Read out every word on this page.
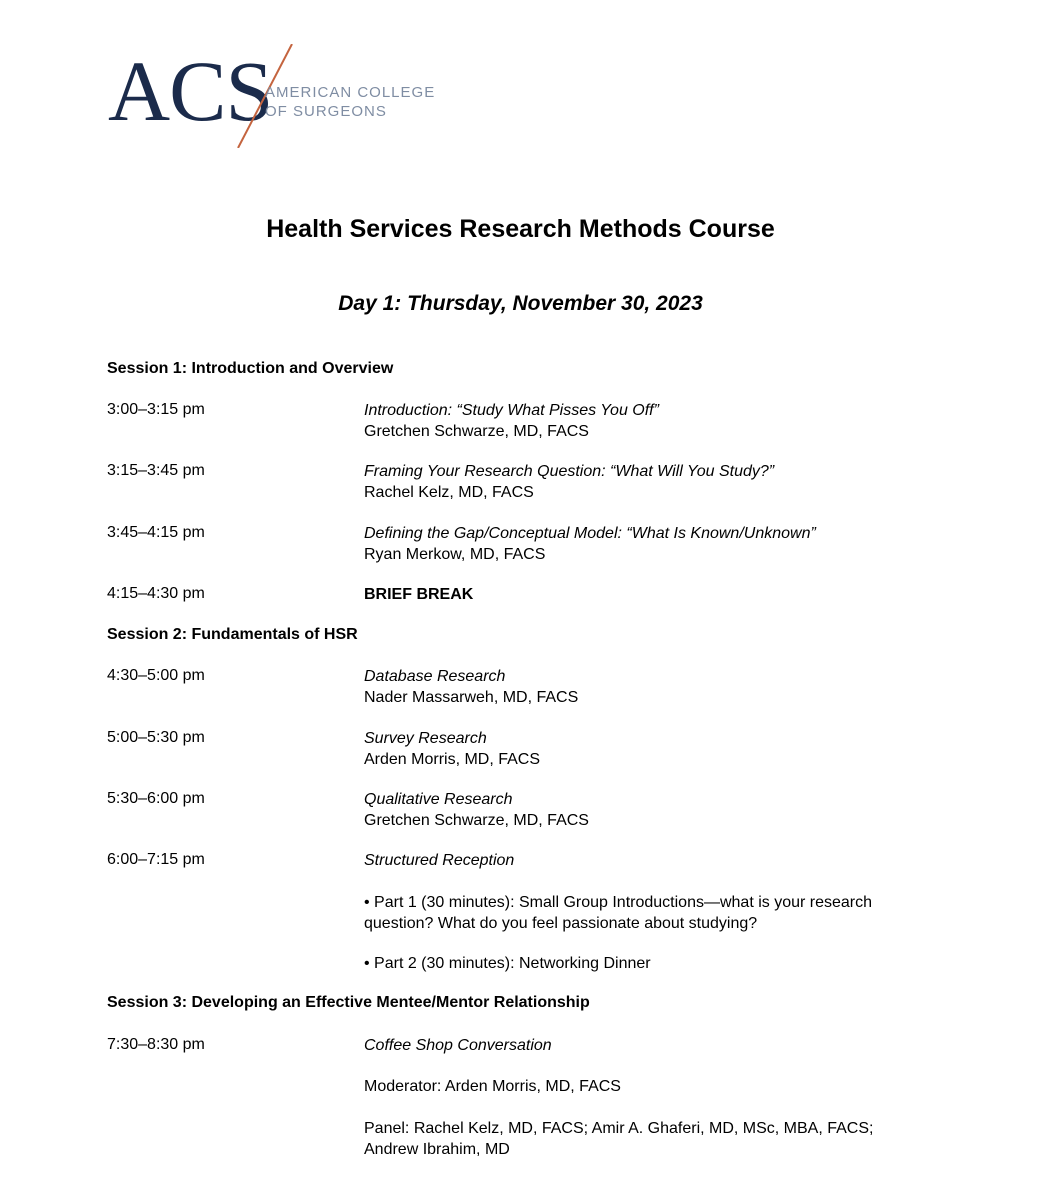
ACS
AMERICAN COLLEGE
OF SURGEONS
Health Services Research Methods Course
Day 1: Thursday, November 30, 2023
Session 1: Introduction and Overview
3:00–3:15 pm	Introduction: “Study What Pisses You Off”
Gretchen Schwarze, MD, FACS
3:15–3:45 pm	Framing Your Research Question: “What Will You Study?”
Rachel Kelz, MD, FACS
3:45–4:15 pm	Defining the Gap/Conceptual Model: “What Is Known/Unknown”
Ryan Merkow, MD, FACS
4:15–4:30 pm	BRIEF BREAK
Session 2: Fundamentals of HSR
4:30–5:00 pm	Database Research
Nader Massarweh, MD, FACS
5:00–5:30 pm	Survey Research
Arden Morris, MD, FACS
5:30–6:00 pm	Qualitative Research
Gretchen Schwarze, MD, FACS
6:00–7:15 pm	Structured Reception
• Part 1 (30 minutes): Small Group Introductions—what is your research
question? What do you feel passionate about studying?
• Part 2 (30 minutes): Networking Dinner
Session 3: Developing an Effective Mentee/Mentor Relationship
7:30–8:30 pm	Coffee Shop Conversation
Moderator: Arden Morris, MD, FACS
Panel: Rachel Kelz, MD, FACS; Amir A. Ghaferi, MD, MSc, MBA, FACS;
Andrew Ibrahim, MD
